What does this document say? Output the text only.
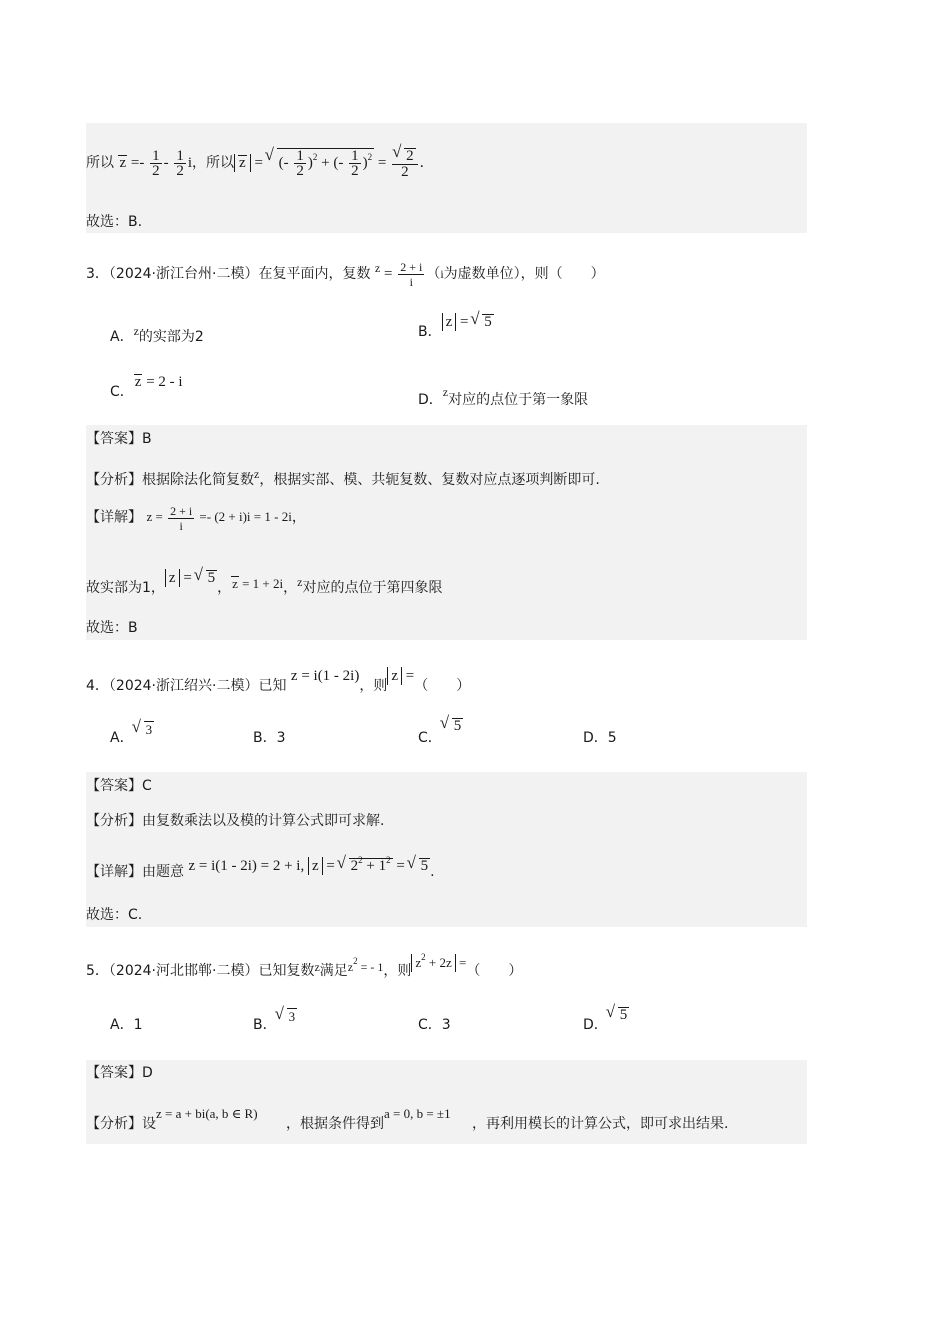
所以 $z =- \frac{1}{2} - \frac{1}{2}$ i，所以 z = √ (- $\frac{1}{2} )^2$ + (- $\frac{1}{2} )^2$ =
√ $\frac{2}{2}$ ．
故选：B.
3．（2024·浙江台州·二模）在复平面内，复数 $^z = \frac{2 + i}{i} (i$为虚数单位），则（　　）
A．z的实部为2	B．z = √ 5
C．z = 2 - i
D．z对应的点位于第一象限
【答案】B
【分析】根据除法化简复数z，根据实部、模、共轭复数、复数对应点逐项判断即可.
【详解】 $z = \frac{2 + i}{i} =- (2 + i)i = 1 - 2i$，
故实部为1，z = √ 5，z = 1 + 2i，z对应的点位于第四象限
故选：B
4．（2024·浙江绍兴·二模）已知 z = i(1 - 2i)，则z =（　　）
A．√ 3
B．3	C．√ 5
D．5
【答案】C
【分析】由复数乘法以及模的计算公式即可求解.
【详解】由题意 z = i(1 - 2i) = 2 + i, z = √ $2^2 + 1^2$ = √ 5 .
故选：C.
5．（2024·河北邯郸·二模）已知复数z满足$z^2$ = - 1，则$z^2 + 2z$ =（　　）
A．1	B．√ 3
C．3	D．√ 5
【答案】D
【分析】设z = a + bi(a, b ∈ R)，根据条件得到a = 0, b = ±1，再利用模长的计算公式，即可求出结果.
